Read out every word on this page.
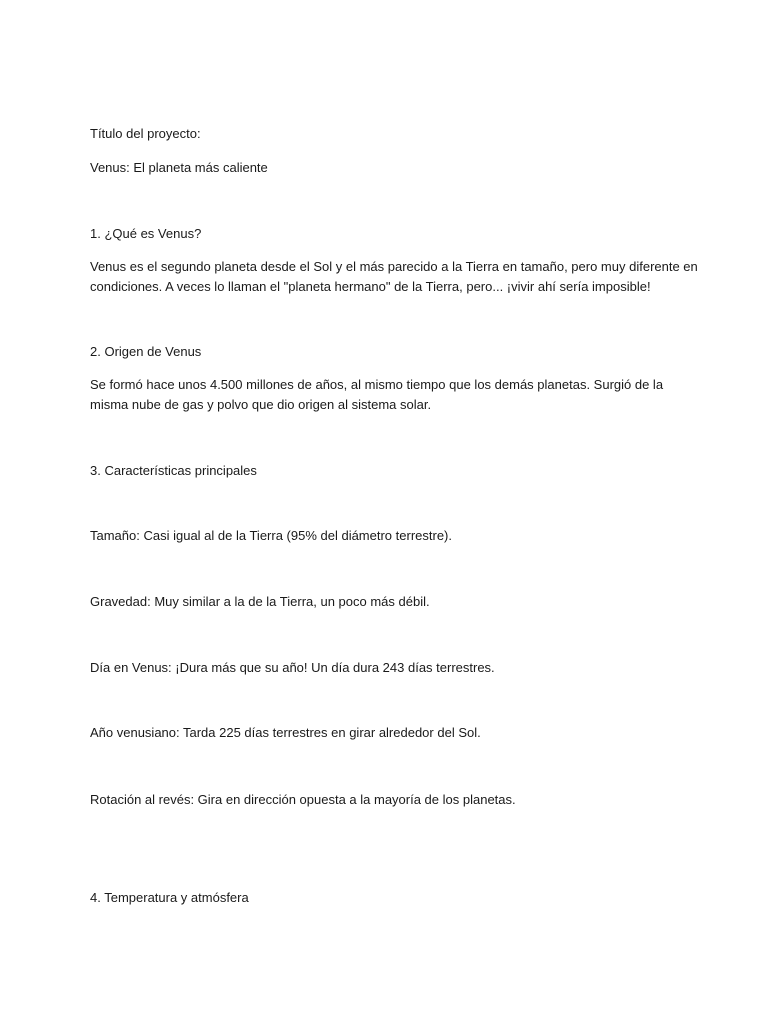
Título del proyecto:

Venus: El planeta más caliente

1. ¿Qué es Venus?

Venus es el segundo planeta desde el Sol y el más parecido a la Tierra en tamaño, pero muy diferente en
condiciones. A veces lo llaman el "planeta hermano" de la Tierra, pero... ¡vivir ahí sería imposible!

2. Origen de Venus

Se formó hace unos 4.500 millones de años, al mismo tiempo que los demás planetas. Surgió de la
misma nube de gas y polvo que dio origen al sistema solar.

3. Características principales

Tamaño: Casi igual al de la Tierra (95% del diámetro terrestre).

Gravedad: Muy similar a la de la Tierra, un poco más débil.

Día en Venus: ¡Dura más que su año! Un día dura 243 días terrestres.

Año venusiano: Tarda 225 días terrestres en girar alrededor del Sol.

Rotación al revés: Gira en dirección opuesta a la mayoría de los planetas.

4. Temperatura y atmósfera
